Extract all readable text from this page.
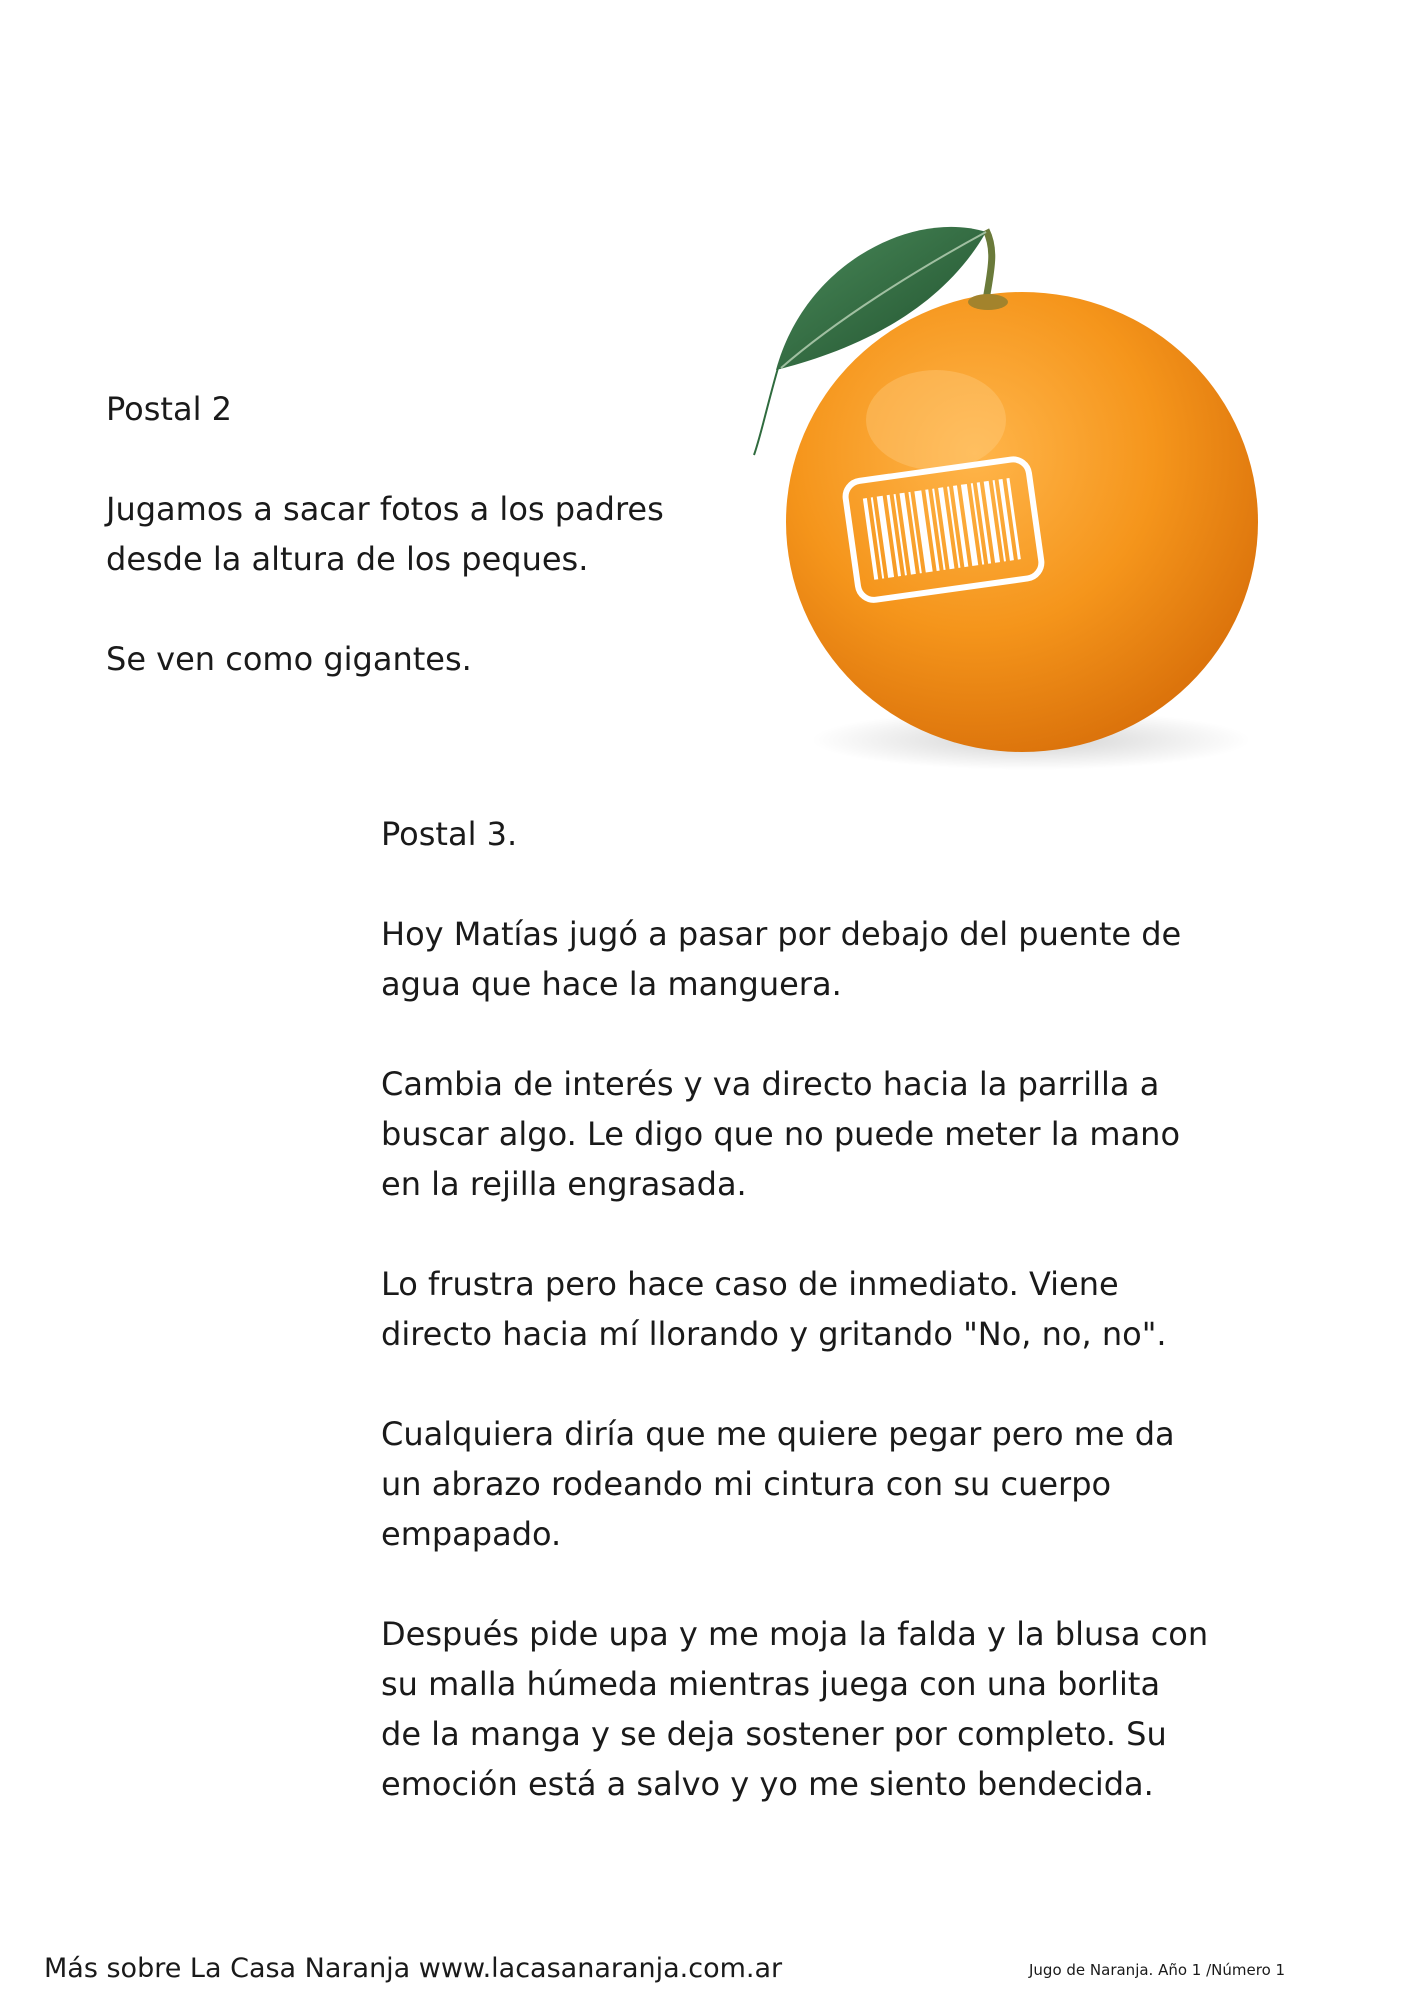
Postal 2

Jugamos a sacar fotos a los padres

desde la altura de los peques.

Se ven como gigantes.

Postal 3.

Hoy Matías jugó a pasar por debajo del puente de

agua que hace la manguera.

Cambia de interés y va directo hacia la parrilla a

buscar algo. Le digo que no puede meter la mano

en la rejilla engrasada.

Lo frustra pero hace caso de inmediato. Viene

directo hacia mí llorando y gritando "No, no, no".

Cualquiera diría que me quiere pegar pero me da

un abrazo rodeando mi cintura con su cuerpo

empapado.

Después pide upa y me moja la falda y la blusa con

su malla húmeda mientras juega con una borlita

de la manga y se deja sostener por completo. Su

emoción está a salvo y yo me siento bendecida.

Más sobre La Casa Naranja www.lacasanaranja.com.ar	Jugo de Naranja. Año 1 /Número 1
